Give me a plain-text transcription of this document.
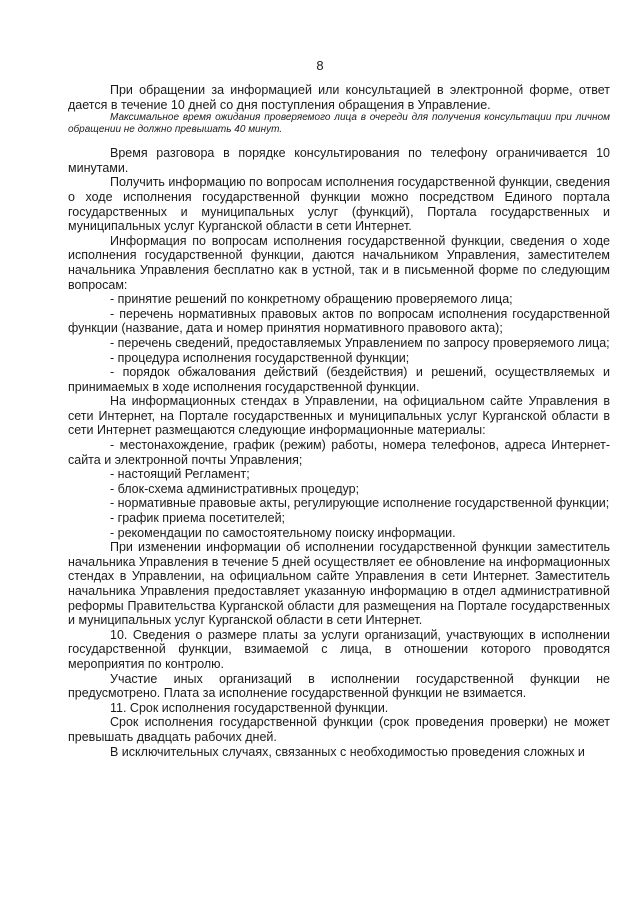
8

При обращении за информацией или консультацией в электронной форме, ответ дается в течение 10 дней со дня поступления обращения в Управление.

Максимальное время ожидания проверяемого лица в очереди для получения консультации при личном обращении не должно превышать 40 минут.

Время разговора в порядке консультирования по телефону ограничивается 10 минутами.

Получить информацию по вопросам исполнения государственной функции, сведения о ходе исполнения государственной функции можно посредством Единого портала государственных и муниципальных услуг (функций), Портала государственных и муниципальных услуг Курганской области в сети Интернет.

Информация по вопросам исполнения государственной функции, сведения о ходе исполнения государственной функции, даются начальником Управления, заместителем начальника Управления бесплатно как в устной, так и в письменной форме по следующим вопросам:

- принятие решений по конкретному обращению проверяемого лица;

- перечень нормативных правовых актов по вопросам исполнения государственной функции (название, дата и номер принятия нормативного правового акта);

- перечень сведений, предоставляемых Управлением по запросу проверяемого лица;

- процедура исполнения государственной функции;

- порядок обжалования действий (бездействия) и решений, осуществляемых и принимаемых в ходе исполнения государственной функции.

На информационных стендах в Управлении, на официальном сайте Управления в сети Интернет, на Портале государственных и муниципальных услуг Курганской области в сети Интернет размещаются следующие информационные материалы:

- местонахождение, график (режим) работы, номера телефонов, адреса Интернет-сайта и электронной почты Управления;

- настоящий Регламент;

- блок-схема административных процедур;

- нормативные правовые акты, регулирующие исполнение государственной функции;

- график приема посетителей;

- рекомендации по самостоятельному поиску информации.

При изменении информации об исполнении государственной функции заместитель начальника Управления в течение 5 дней осуществляет ее обновление на информационных стендах в Управлении, на официальном сайте Управления в сети Интернет. Заместитель начальника Управления предоставляет указанную информацию в отдел административной реформы Правительства Курганской области для размещения на Портале государственных и муниципальных услуг Курганской области в сети Интернет.

10. Сведения о размере платы за услуги организаций, участвующих в исполнении государственной функции, взимаемой с лица, в отношении которого проводятся мероприятия по контролю.

Участие иных организаций в исполнении государственной функции не предусмотрено. Плата за исполнение государственной функции не взимается.

11. Срок исполнения государственной функции.

Срок исполнения государственной функции (срок проведения проверки) не может превышать двадцать рабочих дней.

В исключительных случаях, связанных с необходимостью проведения сложных и
